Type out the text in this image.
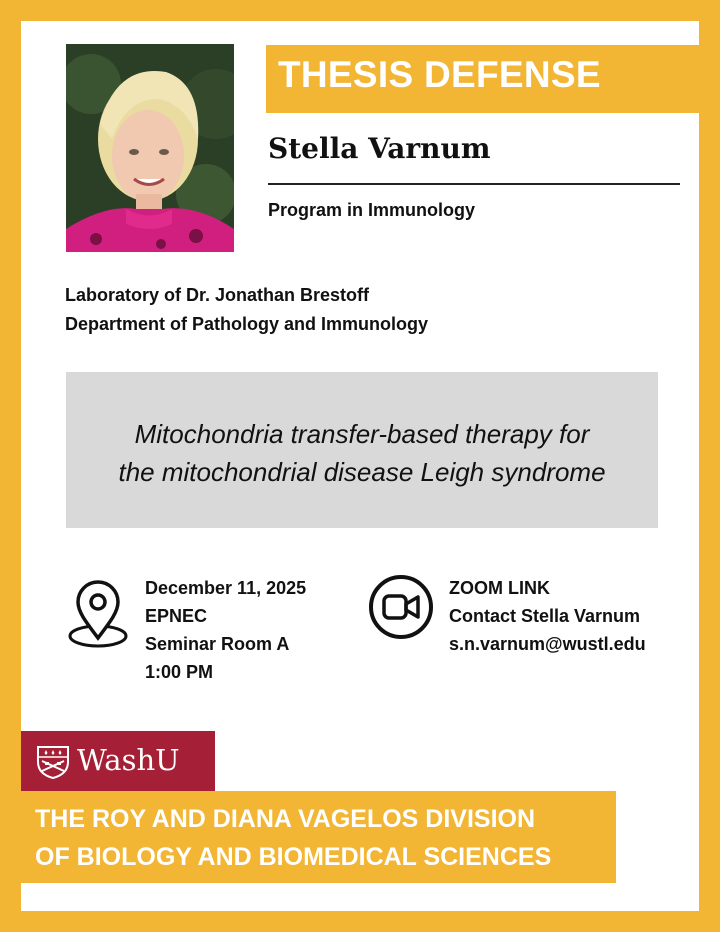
THESIS DEFENSE
Stella Varnum
Program in Immunology
Laboratory of Dr. Jonathan Brestoff
Department of Pathology and Immunology
Mitochondria transfer-based therapy for
the mitochondrial disease Leigh syndrome
December 11, 2025
EPNEC
Seminar Room A
1:00 PM
ZOOM LINK
Contact Stella Varnum
s.n.varnum@wustl.edu
WashU
THE ROY AND DIANA VAGELOS DIVISION
OF BIOLOGY AND BIOMEDICAL SCIENCES
